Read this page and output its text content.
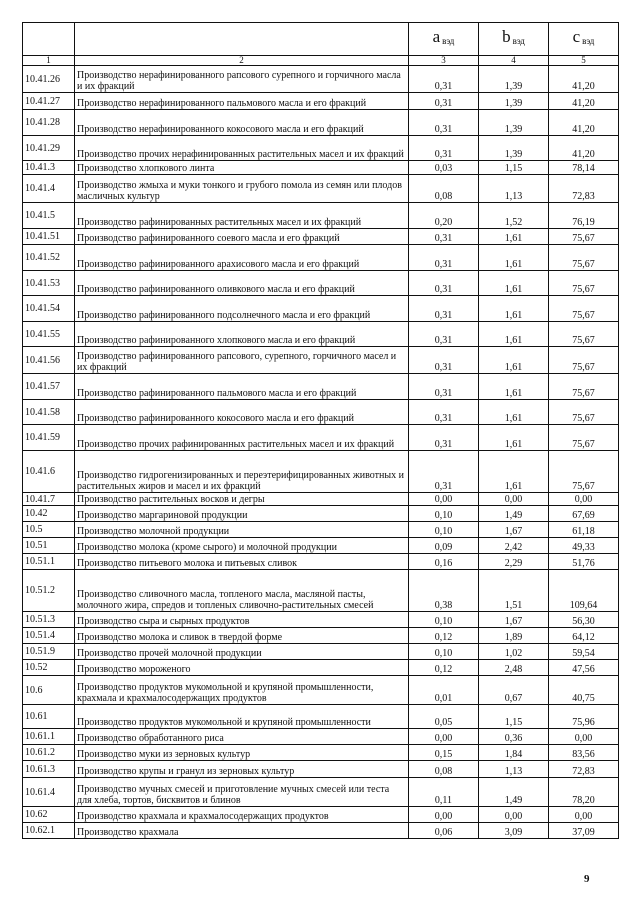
		a $_{вэд}$	b $_{вэд}$	c $_{вэд}$
1	2	3	4	5
10.41.26	Производство нерафинированного рапсового сурепного и горчичного масла и их фракций	0,31	1,39	41,20
10.41.27	Производство нерафинированного пальмового масла и его фракций	0,31	1,39	41,20
10.41.28	Производство нерафинированного кокосового масла и его фракций	0,31	1,39	41,20
10.41.29	Производство прочих нерафинированных растительных масел и их фракций	0,31	1,39	41,20
10.41.3	Производство хлопкового линта	0,03	1,15	78,14
10.41.4	Производство жмыха и муки тонкого и грубого помола из семян или плодов масличных культур	0,08	1,13	72,83
10.41.5	Производство рафинированных растительных масел и их фракций	0,20	1,52	76,19
10.41.51	Производство рафинированного соевого масла и его фракций	0,31	1,61	75,67
10.41.52	Производство рафинированного арахисового масла и его фракций	0,31	1,61	75,67
10.41.53	Производство рафинированного оливкового масла и его фракций	0,31	1,61	75,67
10.41.54	Производство рафинированного подсолнечного масла и его фракций	0,31	1,61	75,67
10.41.55	Производство рафинированного хлопкового масла и его фракций	0,31	1,61	75,67
10.41.56	Производство рафинированного рапсового, сурепного, горчичного масел и их фракций	0,31	1,61	75,67
10.41.57	Производство рафинированного пальмового масла и его фракций	0,31	1,61	75,67
10.41.58	Производство рафинированного кокосового масла и его фракций	0,31	1,61	75,67
10.41.59	Производство прочих рафинированных растительных масел и их фракций	0,31	1,61	75,67
10.41.6	Производство гидрогенизированных и переэтерифицированных животных и растительных жиров и масел и их фракций	0,31	1,61	75,67
10.41.7	Производство растительных восков и дегры	0,00	0,00	0,00
10.42	Производство маргариновой продукции	0,10	1,49	67,69
10.5	Производство молочной продукции	0,10	1,67	61,18
10.51	Производство молока (кроме сырого) и молочной продукции	0,09	2,42	49,33
10.51.1	Производство питьевого молока и питьевых сливок	0,16	2,29	51,76
10.51.2	Производство сливочного масла, топленого масла, масляной пасты, молочного жира, спредов и топленых сливочно-растительных смесей	0,38	1,51	109,64
10.51.3	Производство сыра и сырных продуктов	0,10	1,67	56,30
10.51.4	Производство молока и сливок в твердой форме	0,12	1,89	64,12
10.51.9	Производство прочей молочной продукции	0,10	1,02	59,54
10.52	Производство мороженого	0,12	2,48	47,56
10.6	Производство продуктов мукомольной и крупяной промышленности, крахмала и крахмалосодержащих продуктов	0,01	0,67	40,75
10.61	Производство продуктов мукомольной и крупяной промышленности	0,05	1,15	75,96
10.61.1	Производство обработанного риса	0,00	0,36	0,00
10.61.2	Производство муки из зерновых культур	0,15	1,84	83,56
10.61.3	Производство крупы и гранул из зерновых культур	0,08	1,13	72,83
10.61.4	Производство мучных смесей и приготовление мучных смесей или теста для хлеба, тортов, бисквитов и блинов	0,11	1,49	78,20
10.62	Производство крахмала и крахмалосодержащих продуктов	0,00	0,00	0,00
10.62.1	Производство крахмала	0,06	3,09	37,09
9
